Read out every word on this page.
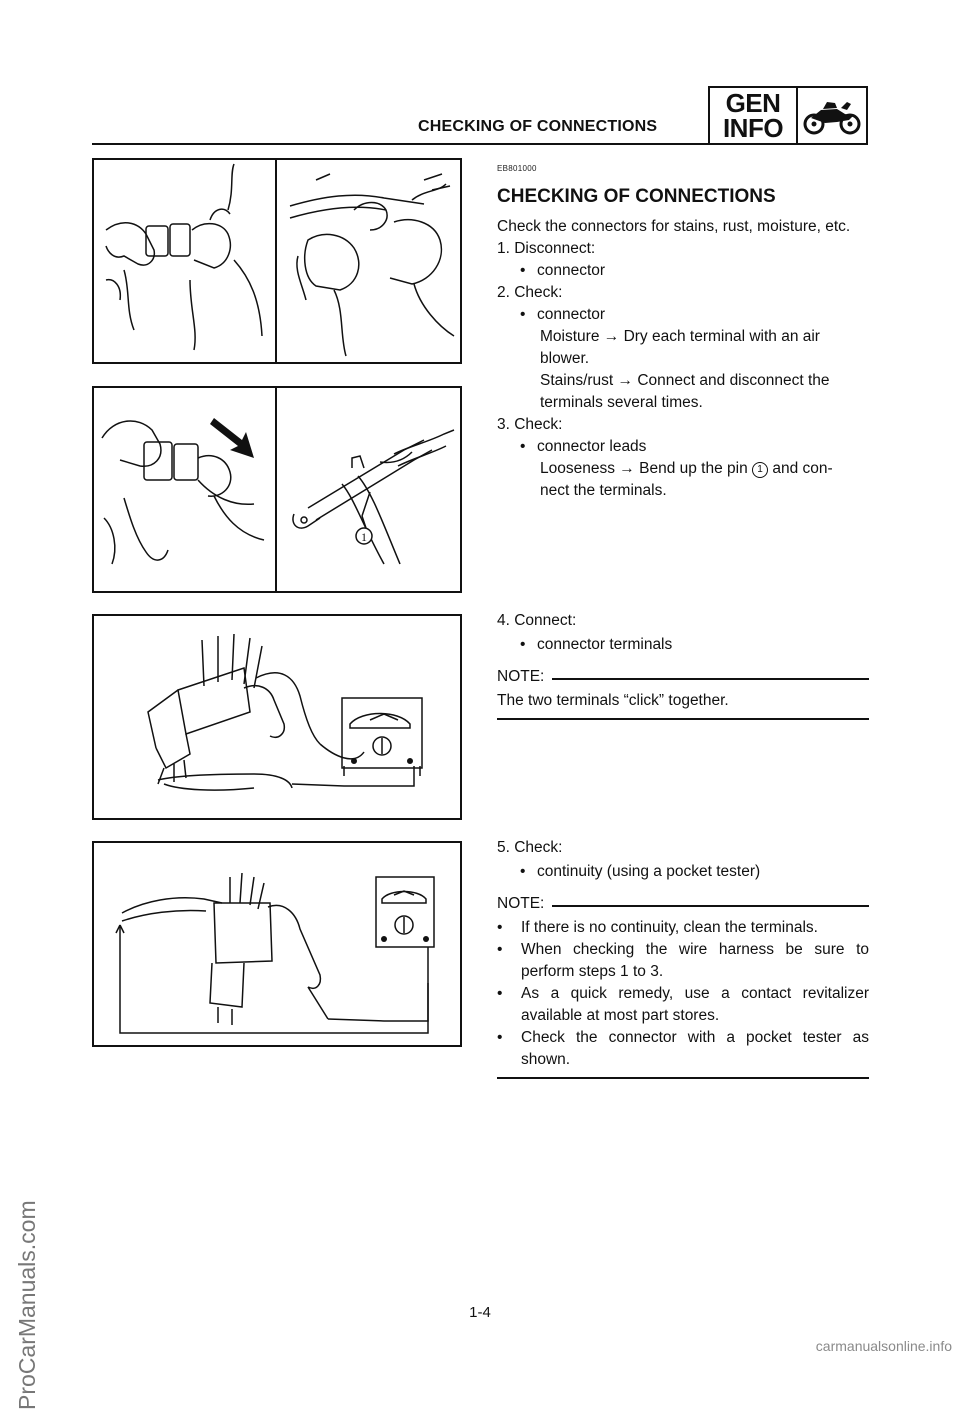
CHECKING OF CONNECTIONS
GEN
INFO
1
EB801000
CHECKING OF CONNECTIONS

Check the connectors for stains, rust, moisture, etc.

1. Disconnect:

• connector

2. Check:

• connector

Moisture → Dry each terminal with an air blower.

Stains/rust → Connect and disconnect the terminals several times.

3. Check:

• connector leads

Looseness → Bend up the pin 1 and con-

nect the terminals.

4. Connect:

• connector terminals

NOTE:

The two terminals “click” together.

5. Check:

• continuity (using a pocket tester)

NOTE:
•	If there is no continuity, clean the terminals.
•	When checking the wire harness be sure to perform steps 1 to 3.
•	As a quick remedy, use a contact revitalizer available at most part stores.
•	Check the connector with a pocket tester as shown.
ProCarManuals.com	1-4
carmanualsonline.info
